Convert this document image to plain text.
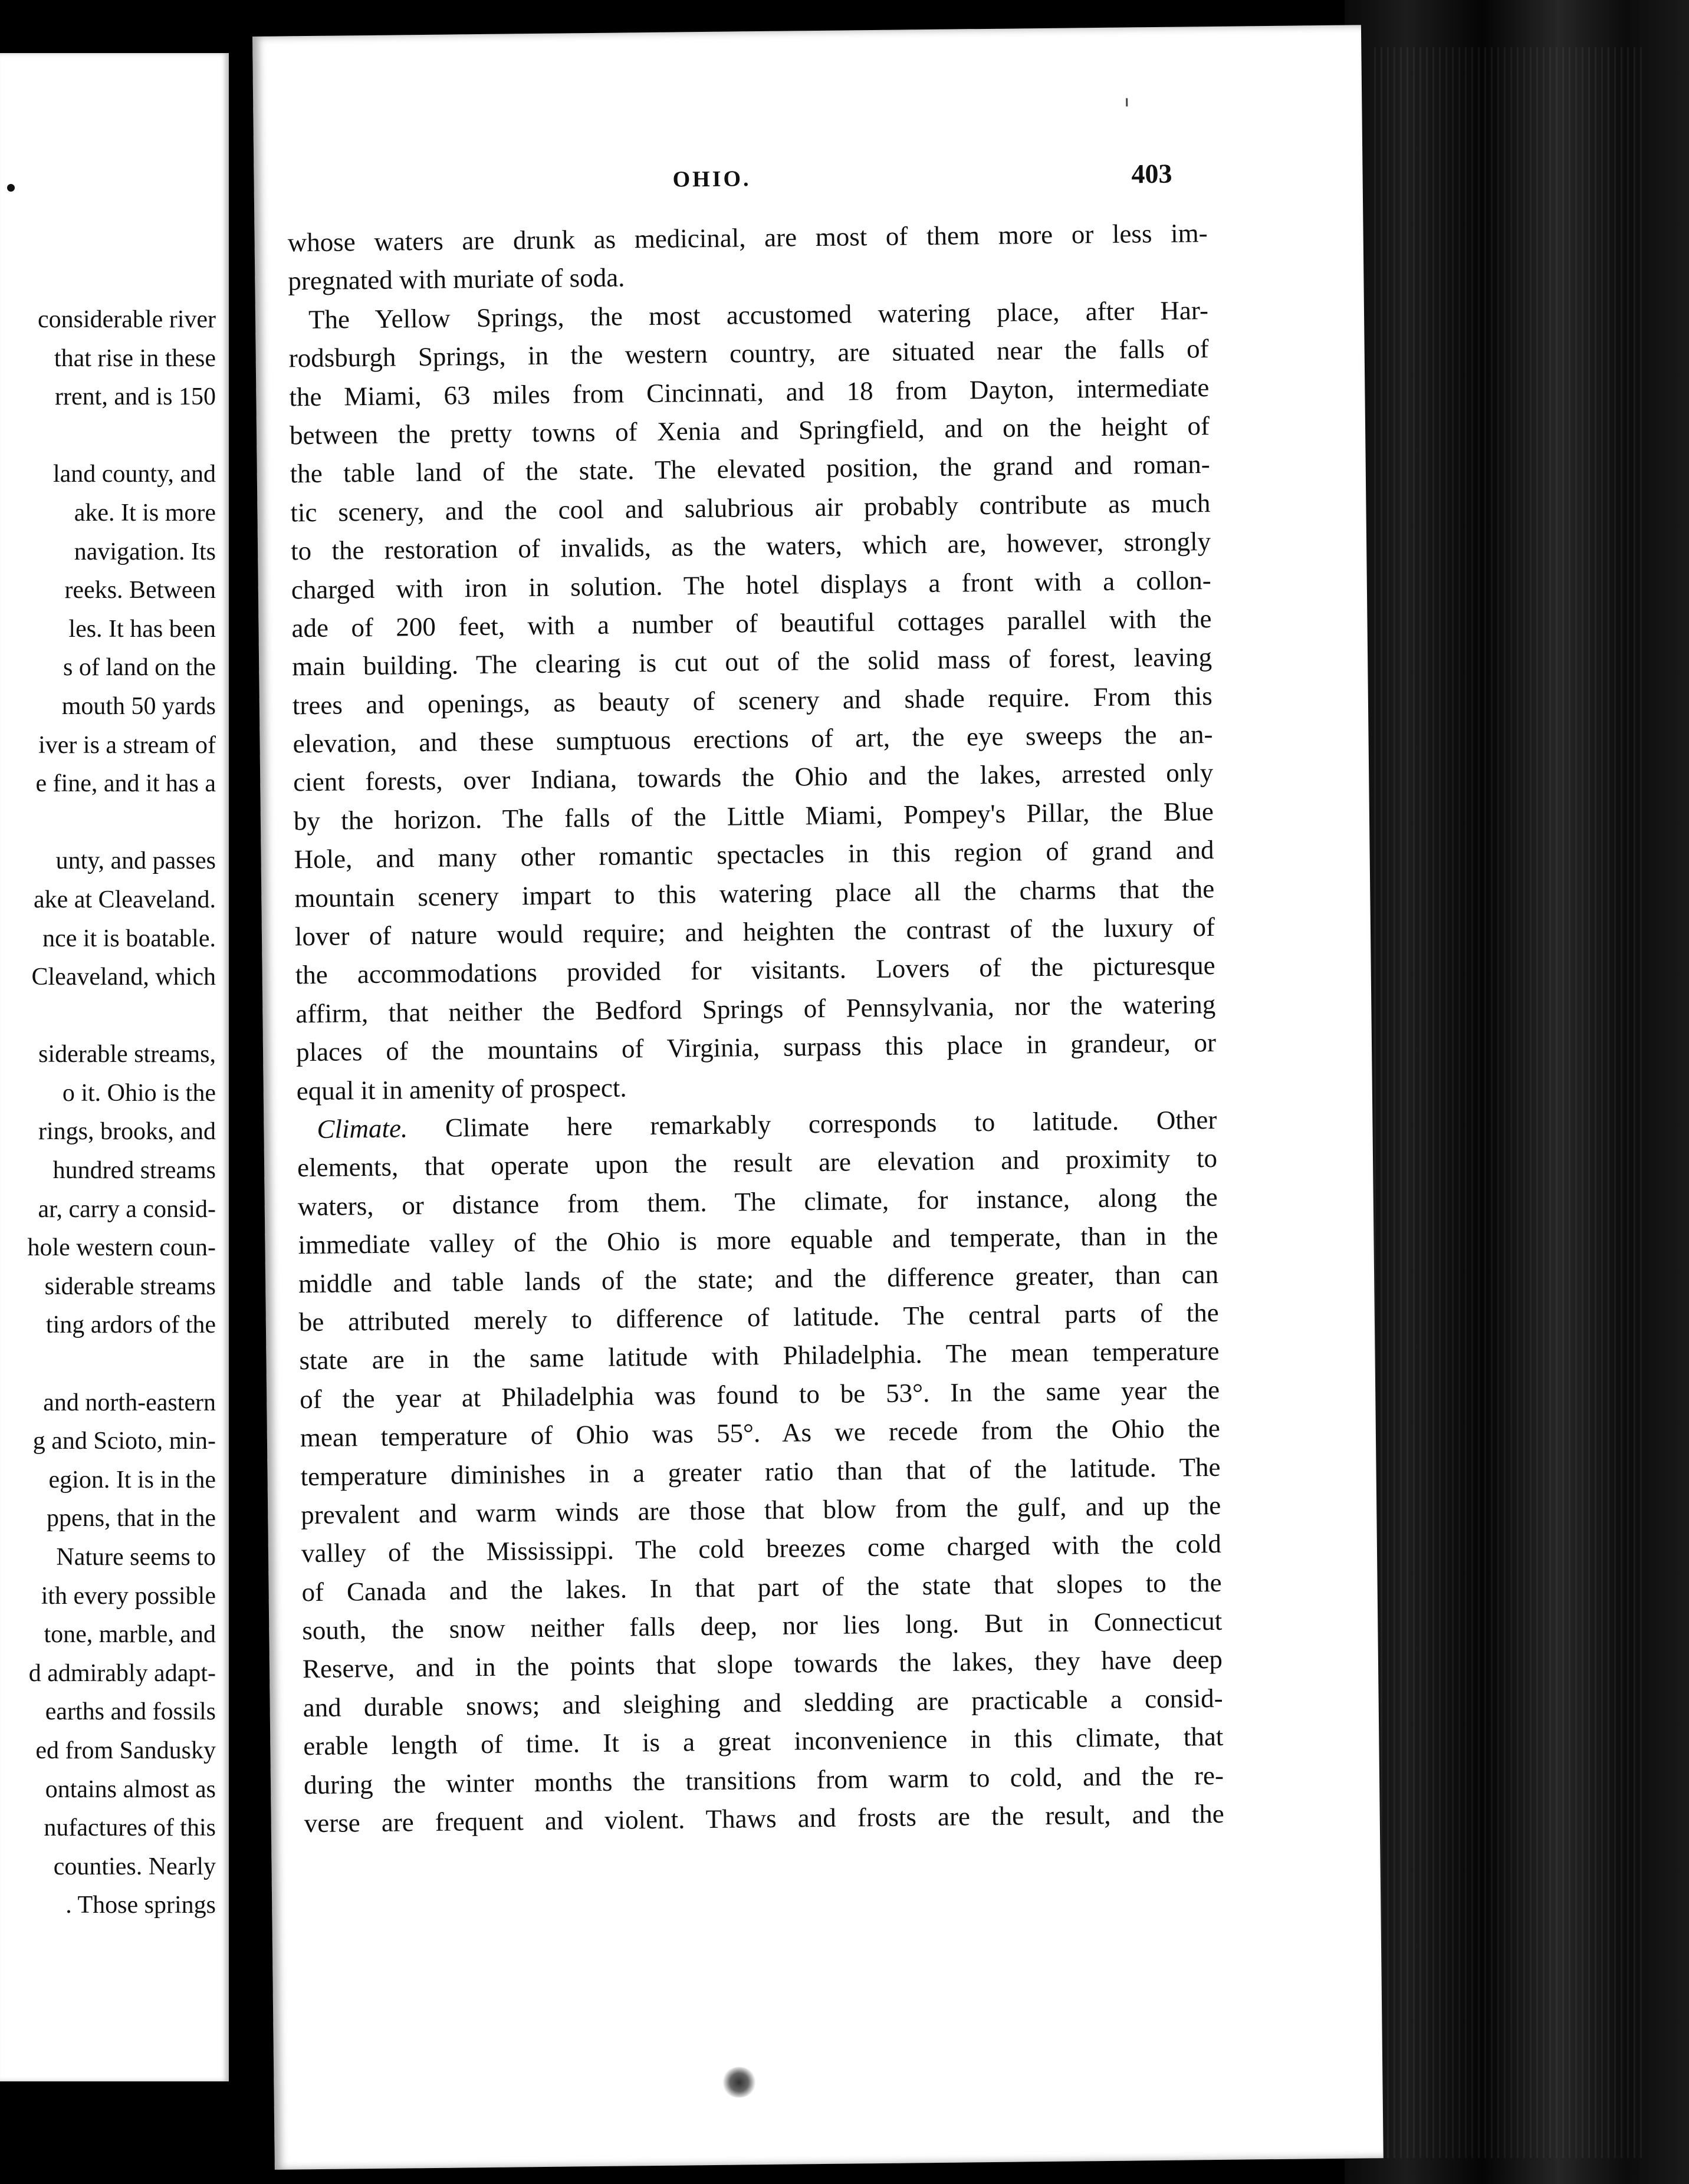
considerable river
that rise in these
rrent, and is 150
land county, and
ake. It is more
navigation. Its
reeks. Between
les. It has been
s of land on the
mouth 50 yards
iver is a stream of
e fine, and it has a
unty, and passes
ake at Cleaveland.
nce it is boatable.
Cleaveland, which
siderable streams,
o it. Ohio is the
rings, brooks, and
hundred streams
ar, carry a consid-
hole western coun-
siderable streams
ting ardors of the
and north-eastern
g and Scioto, min-
egion. It is in the
ppens, that in the
Nature seems to
ith every possible
tone, marble, and
d admirably adapt-
earths and fossils
ed from Sandusky
ontains almost as
nufactures of this
counties. Nearly
. Those springs
OHIO.	403
whose waters are drunk as medicinal, are most of them more or less im-
pregnated with muriate of soda.
The Yellow Springs, the most accustomed watering place, after Har-
rodsburgh Springs, in the western country, are situated near the falls of
the Miami, 63 miles from Cincinnati, and 18 from Dayton, intermediate
between the pretty towns of Xenia and Springfield, and on the height of
the table land of the state. The elevated position, the grand and roman-
tic scenery, and the cool and salubrious air probably contribute as much
to the restoration of invalids, as the waters, which are, however, strongly
charged with iron in solution. The hotel displays a front with a collon-
ade of 200 feet, with a number of beautiful cottages parallel with the
main building. The clearing is cut out of the solid mass of forest, leaving
trees and openings, as beauty of scenery and shade require. From this
elevation, and these sumptuous erections of art, the eye sweeps the an-
cient forests, over Indiana, towards the Ohio and the lakes, arrested only
by the horizon. The falls of the Little Miami, Pompey's Pillar, the Blue
Hole, and many other romantic spectacles in this region of grand and
mountain scenery impart to this watering place all the charms that the
lover of nature would require; and heighten the contrast of the luxury of
the accommodations provided for visitants. Lovers of the picturesque
affirm, that neither the Bedford Springs of Pennsylvania, nor the watering
places of the mountains of Virginia, surpass this place in grandeur, or
equal it in amenity of prospect.
Climate. Climate here remarkably corresponds to latitude. Other
elements, that operate upon the result are elevation and proximity to
waters, or distance from them. The climate, for instance, along the
immediate valley of the Ohio is more equable and temperate, than in the
middle and table lands of the state; and the difference greater, than can
be attributed merely to difference of latitude. The central parts of the
state are in the same latitude with Philadelphia. The mean temperature
of the year at Philadelphia was found to be 53°. In the same year the
mean temperature of Ohio was 55°. As we recede from the Ohio the
temperature diminishes in a greater ratio than that of the latitude. The
prevalent and warm winds are those that blow from the gulf, and up the
valley of the Mississippi. The cold breezes come charged with the cold
of Canada and the lakes. In that part of the state that slopes to the
south, the snow neither falls deep, nor lies long. But in Connecticut
Reserve, and in the points that slope towards the lakes, they have deep
and durable snows; and sleighing and sledding are practicable a consid-
erable length of time. It is a great inconvenience in this climate, that
during the winter months the transitions from warm to cold, and the re-
verse are frequent and violent. Thaws and frosts are the result, and the
